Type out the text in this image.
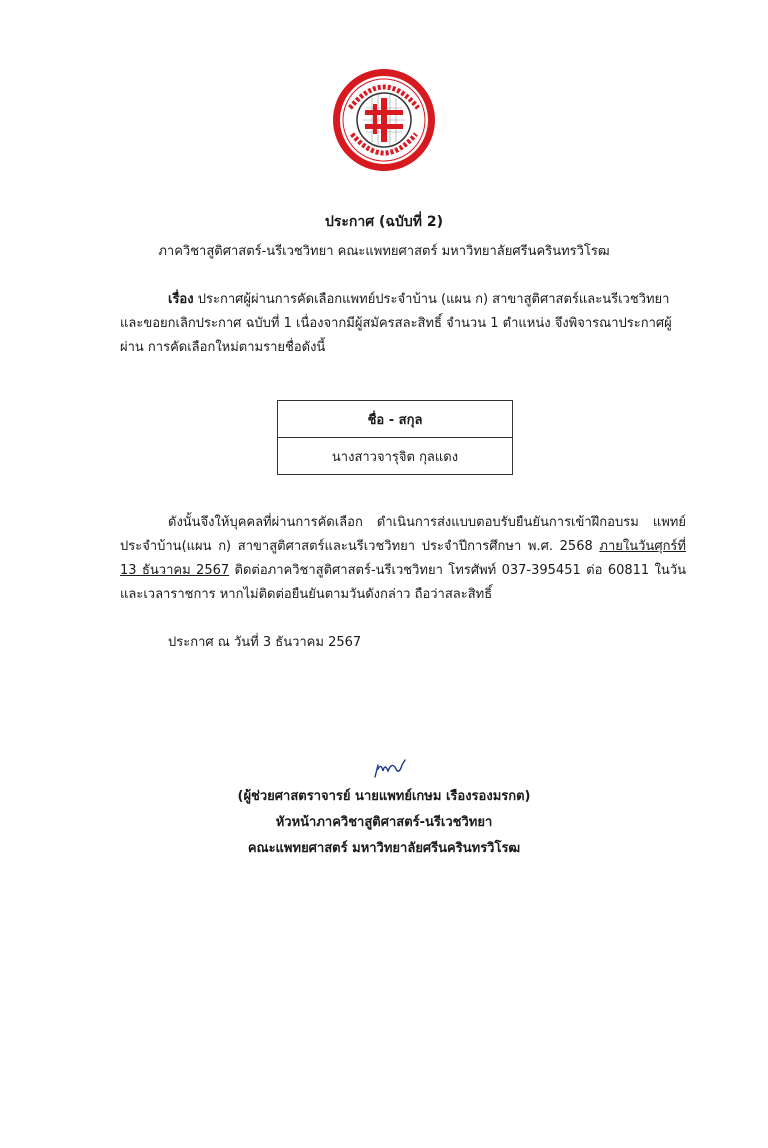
ประกาศ (ฉบับที่ 2)
ภาควิชาสูติศาสตร์-นรีเวชวิทยา คณะแพทยศาสตร์ มหาวิทยาลัยศรีนครินทรวิโรฒ
เรื่อง ประกาศผู้ผ่านการคัดเลือกแพทย์ประจำบ้าน (แผน ก) สาขาสูติศาสตร์และนรีเวชวิทยา และขอยกเลิกประกาศ ฉบับที่ 1 เนื่องจากมีผู้สมัครสละสิทธิ์ จำนวน 1 ตำแหน่ง จึงพิจารณาประกาศผู้ผ่าน การคัดเลือกใหม่ตามรายชื่อดังนี้
ชื่อ - สกุล
นางสาวจารุจิต กุลแดง
ดังนั้นจึงให้บุคคลที่ผ่านการคัดเลือก ดำเนินการส่งแบบตอบรับยืนยันการเข้าฝึกอบรม แพทย์ประจำบ้าน(แผน ก) สาขาสูติศาสตร์และนรีเวชวิทยา ประจำปีการศึกษา พ.ศ. 2568 ภายในวันศุกร์ที่ 13 ธันวาคม 2567 ติดต่อภาควิชาสูติศาสตร์-นรีเวชวิทยา โทรศัพท์ 037-395451 ต่อ 60811 ในวันและเวลาราชการ หากไม่ติดต่อยืนยันตามวันดังกล่าว ถือว่าสละสิทธิ์
ประกาศ ณ วันที่ 3 ธันวาคม 2567
(ผู้ช่วยศาสตราจารย์ นายแพทย์เกษม เรืองรองมรกต)
หัวหน้าภาควิชาสูติศาสตร์-นรีเวชวิทยา
คณะแพทยศาสตร์ มหาวิทยาลัยศรีนครินทรวิโรฒ
